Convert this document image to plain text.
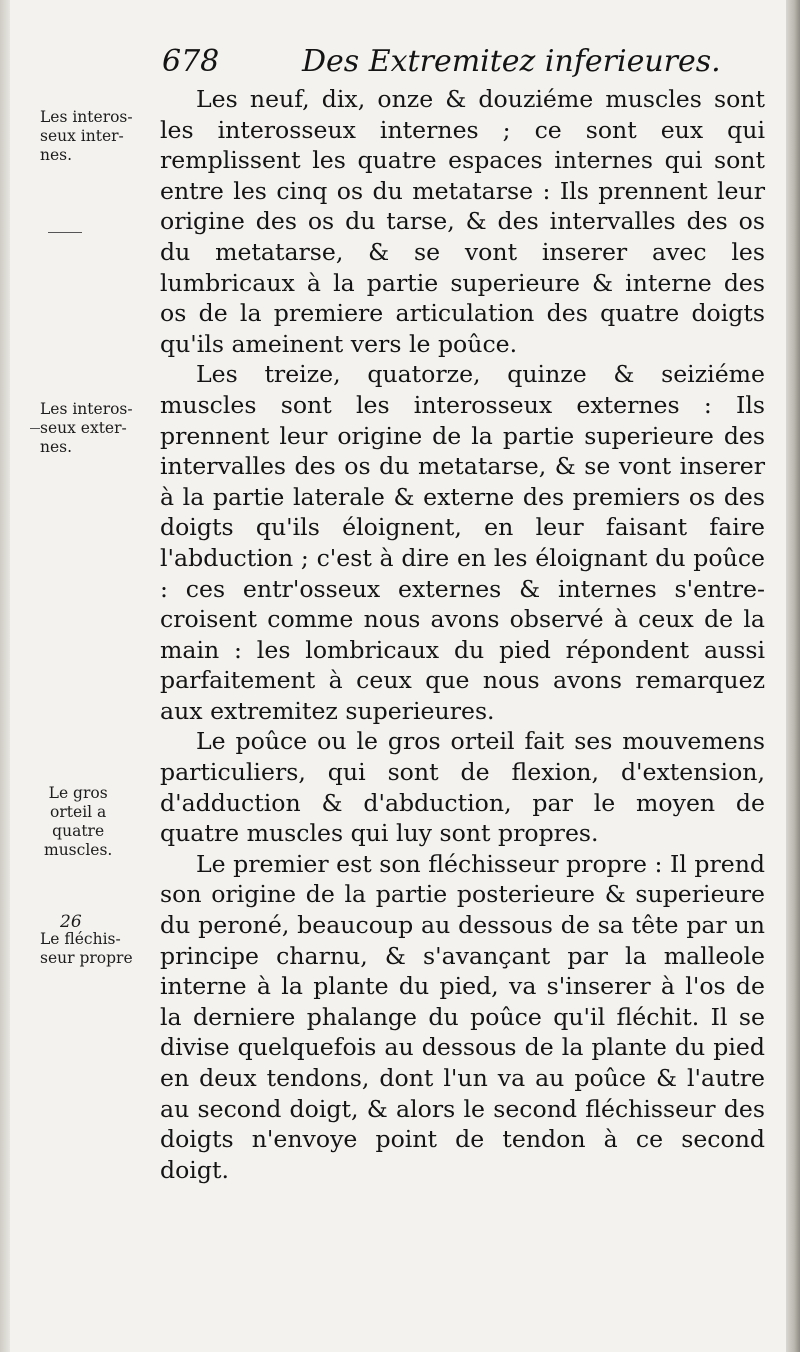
678	Des Extremitez inferieures.
Les interos-
seux inter-
nes.
Les interos-
seux exter-
nes.
Le gros
orteil a
quatre
muscles.
26
Le fléchis-
seur propre

Les neuf, dix, onze & douziéme muscles sont les interosseux internes ; ce sont eux qui remplissent les quatre espaces internes qui sont entre les cinq os du metatarse : Ils prennent leur origine des os du tarse, & des intervalles des os du metatarse, & se vont inserer avec les lumbricaux à la partie superieure & interne des os de la premiere articulation des quatre doigts qu'ils ameinent vers le poûce.

Les treize, quatorze, quinze & seiziéme muscles sont les interosseux externes : Ils prennent leur origine de la partie superieure des intervalles des os du metatarse, & se vont inserer à la partie laterale & externe des premiers os des doigts qu'ils éloignent, en leur faisant faire l'abduction ; c'est à dire en les éloignant du poûce : ces entr'osseux externes & internes s'entre-croisent comme nous avons observé à ceux de la main : les lombricaux du pied répondent aussi parfaitement à ceux que nous avons remarquez aux extremitez superieures.

Le poûce ou le gros orteil fait ses mouvemens particuliers, qui sont de flexion, d'extension, d'adduction & d'abduction, par le moyen de quatre muscles qui luy sont propres.

Le premier est son fléchisseur propre : Il prend son origine de la partie posterieure & superieure du peroné, beaucoup au dessous de sa tête par un principe charnu, & s'avançant par la malleole interne à la plante du pied, va s'inserer à l'os de la derniere phalange du poûce qu'il fléchit. Il se divise quelquefois au dessous de la plante du pied en deux tendons, dont l'un va au poûce & l'autre au second doigt, & alors le second fléchisseur des doigts n'envoye point de tendon à ce second doigt.
